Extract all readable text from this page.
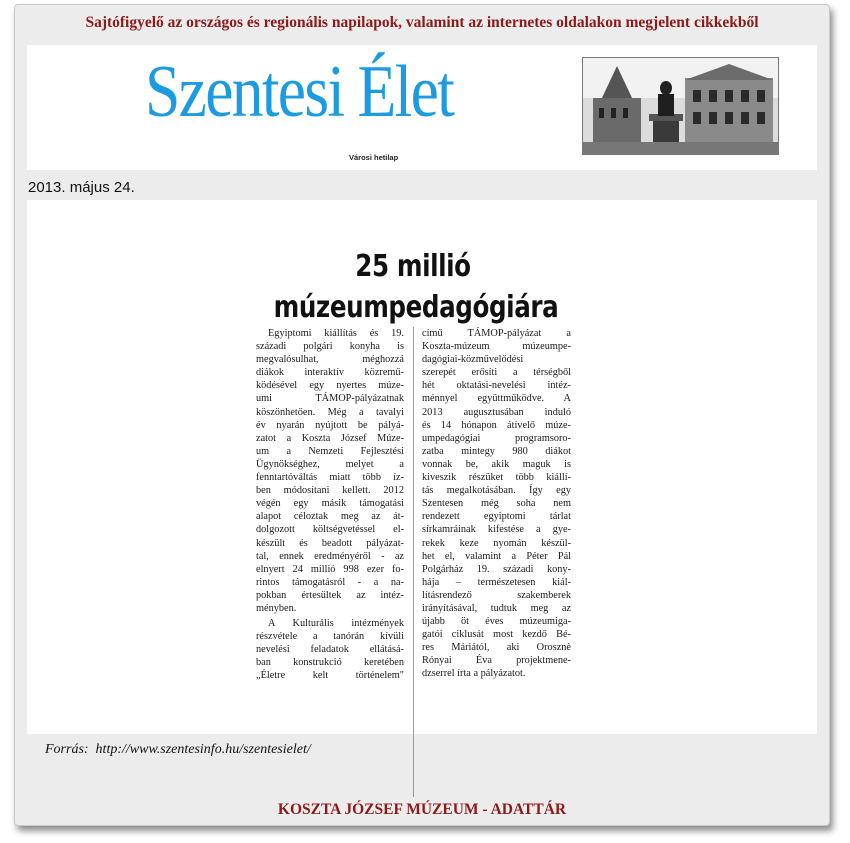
Sajtófigyelő az országos és regionális napilapok, valamint az internetes oldalakon megjelent cikkekből
Szentesi Élet
Városi hetilap
2013. május 24.
25 millió
múzeumpedagógiára
Egyiptomi kiállítás és 19.
századi polgári konyha is
megvalósulhat, méghozzá
diákok interaktív közremű-
ködésével egy nyertes múze-
umi TÁMOP-pályázatnak
köszönhetően. Még a tavalyi
év nyarán nyújtott be pályá-
zatot a Koszta József Múze-
um a Nemzeti Fejlesztési
Ügynökséghez, melyet a
fenntartóváltás miatt több íz-
ben módosítani kellett. 2012
végén egy másik támogatási
alapot céloztak meg az át-
dolgozott költségvetéssel el-
készült és beadott pályázat-
tal, ennek eredményéről - az
elnyert 24 millió 998 ezer fo-
rintos támogatásról - a na-
pokban értesültek az intéz-
ményben.
A Kulturális intézmények
részvétele a tanórán kívüli
nevelési feladatok ellátásá-
ban konstrukció keretében
„Életre kelt történelem"
című TÁMOP-pályázat a
Koszta-múzeum múzeumpe-
dagógiai-közművelődési
szerepét erősíti a térségből
hét oktatási-nevelési intéz-
ménnyel együttműködve. A
2013 augusztusában induló
és 14 hónapon átívelő múze-
umpedagógiai programsoro-
zatba mintegy 980 diákot
vonnak be, akik maguk is
kiveszik részüket több kiállí-
tás megalkotásában. Így egy
Szentesen még soha nem
rendezett egyiptomi tárlat
sírkamráinak kifestése a gye-
rekek keze nyomán készül-
het el, valamint a Péter Pál
Polgárház 19. századi kony-
hája – természetesen kiál-
lításrendező szakemberek
irányításával, tudtuk meg az
újabb öt éves múzeumiga-
gatói ciklusát most kezdő Bé-
res Máriától, aki Orosznè
Rónyai Éva projektmene-
dzserrel írta a pályázatot.
Forrás:  http://www.szentesinfo.hu/szentesielet/
KOSZTA JÓZSEF MÚZEUM - ADATTÁR
